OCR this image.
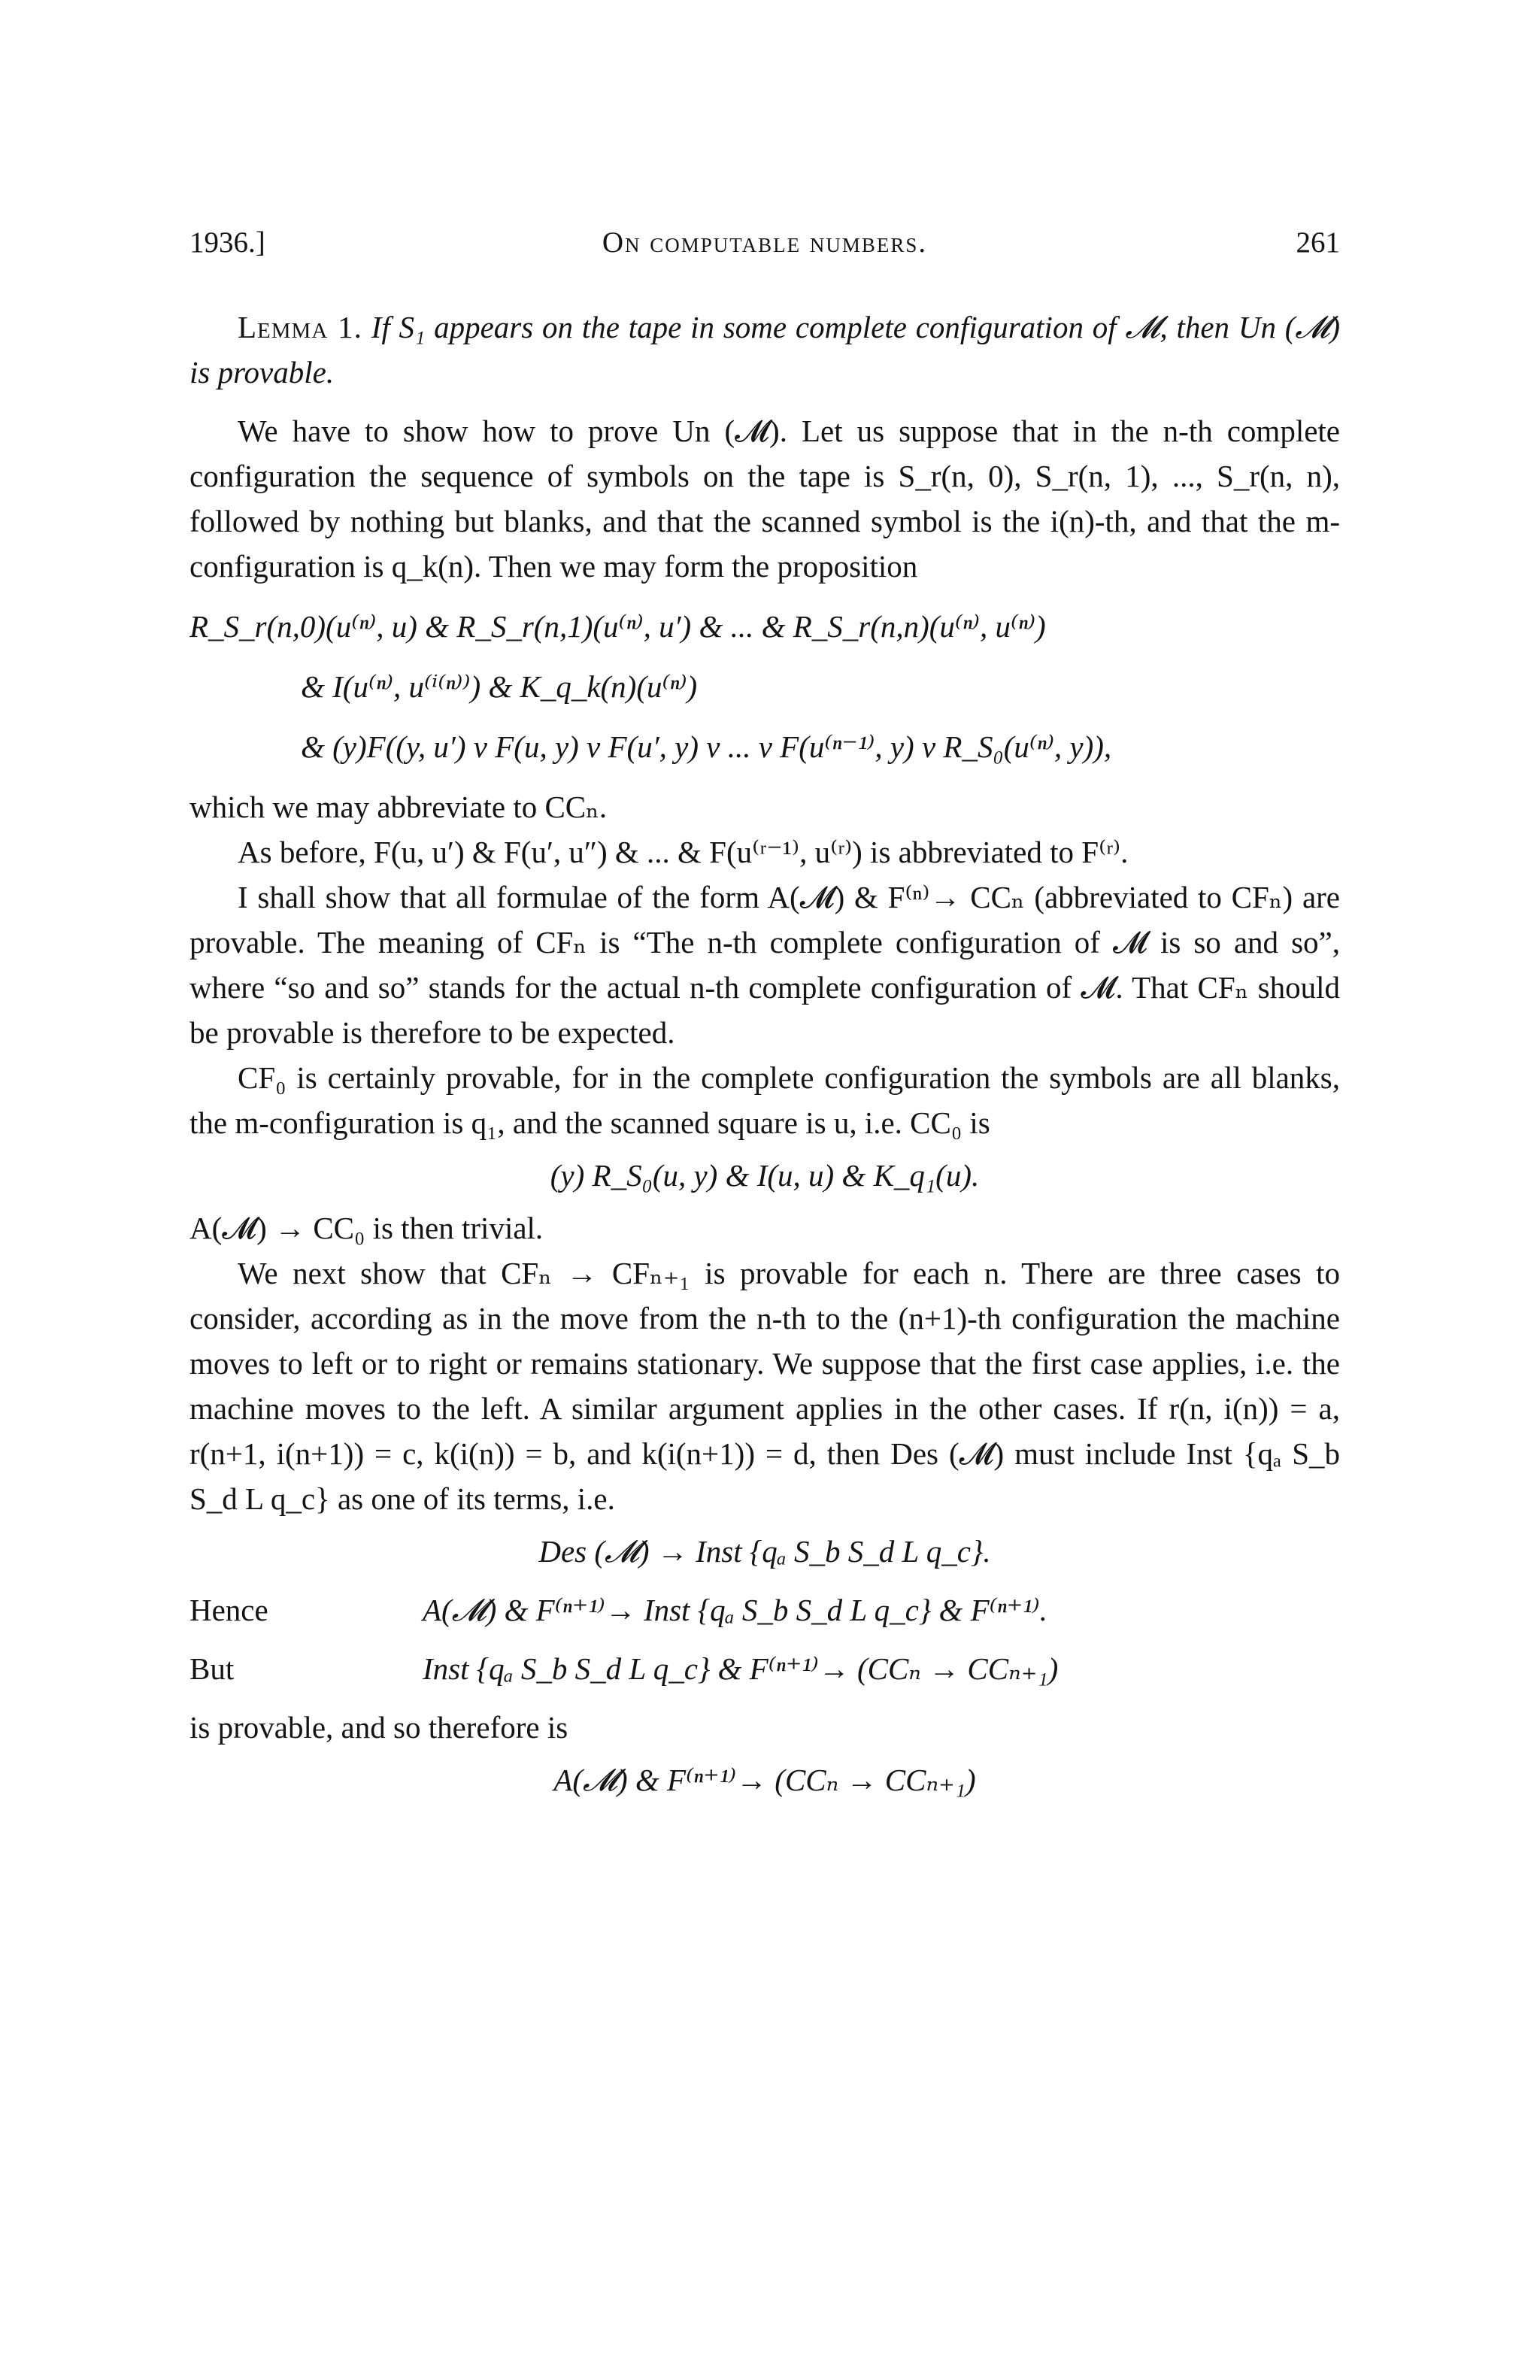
1936.]	On computable numbers.	261

Lemma 1. If S₁ appears on the tape in some complete configuration of 𝓜, then Un (𝓜) is provable.

We have to show how to prove Un (𝓜). Let us suppose that in the n-th complete configuration the sequence of symbols on the tape is S_r(n, 0), S_r(n, 1), ..., S_r(n, n), followed by nothing but blanks, and that the scanned symbol is the i(n)-th, and that the m-configuration is q_k(n). Then we may form the proposition

R_S_r(n,0)(u⁽ⁿ⁾, u) & R_S_r(n,1)(u⁽ⁿ⁾, u′) & ... & R_S_r(n,n)(u⁽ⁿ⁾, u⁽ⁿ⁾)
& I(u⁽ⁿ⁾, u⁽ⁱ⁽ⁿ⁾⁾) & K_q_k(n)(u⁽ⁿ⁾)
& (y)F((y, u′) v F(u, y) v F(u′, y) v ... v F(u⁽ⁿ⁻¹⁾, y) v R_S₀(u⁽ⁿ⁾, y)),

which we may abbreviate to CCₙ.

As before, F(u, u′) & F(u′, u″) & ... & F(u⁽ʳ⁻¹⁾, u⁽ʳ⁾) is abbreviated to F⁽ʳ⁾.

I shall show that all formulae of the form A(𝓜) & F⁽ⁿ⁾→ CCₙ (abbreviated to CFₙ) are provable. The meaning of CFₙ is “The n-th complete configuration of 𝓜 is so and so”, where “so and so” stands for the actual n-th complete configuration of 𝓜. That CFₙ should be provable is therefore to be expected.

CF₀ is certainly provable, for in the complete configuration the symbols are all blanks, the m-configuration is q₁, and the scanned square is u, i.e. CC₀ is

(y) R_S₀(u, y) & I(u, u) & K_q₁(u).

A(𝓜) → CC₀ is then trivial.

We next show that CFₙ → CFₙ₊₁ is provable for each n. There are three cases to consider, according as in the move from the n-th to the (n+1)-th configuration the machine moves to left or to right or remains stationary. We suppose that the first case applies, i.e. the machine moves to the left. A similar argument applies in the other cases. If r(n, i(n)) = a, r(n+1, i(n+1)) = c, k(i(n)) = b, and k(i(n+1)) = d, then Des (𝓜) must include Inst {qₐ S_b S_d L q_c} as one of its terms, i.e.

Des (𝓜) → Inst {qₐ S_b S_d L q_c}.
Hence	A(𝓜) & F⁽ⁿ⁺¹⁾→ Inst {qₐ S_b S_d L q_c} & F⁽ⁿ⁺¹⁾.
But	Inst {qₐ S_b S_d L q_c} & F⁽ⁿ⁺¹⁾→ (CCₙ → CCₙ₊₁)

is provable, and so therefore is

A(𝓜) & F⁽ⁿ⁺¹⁾→ (CCₙ → CCₙ₊₁)
